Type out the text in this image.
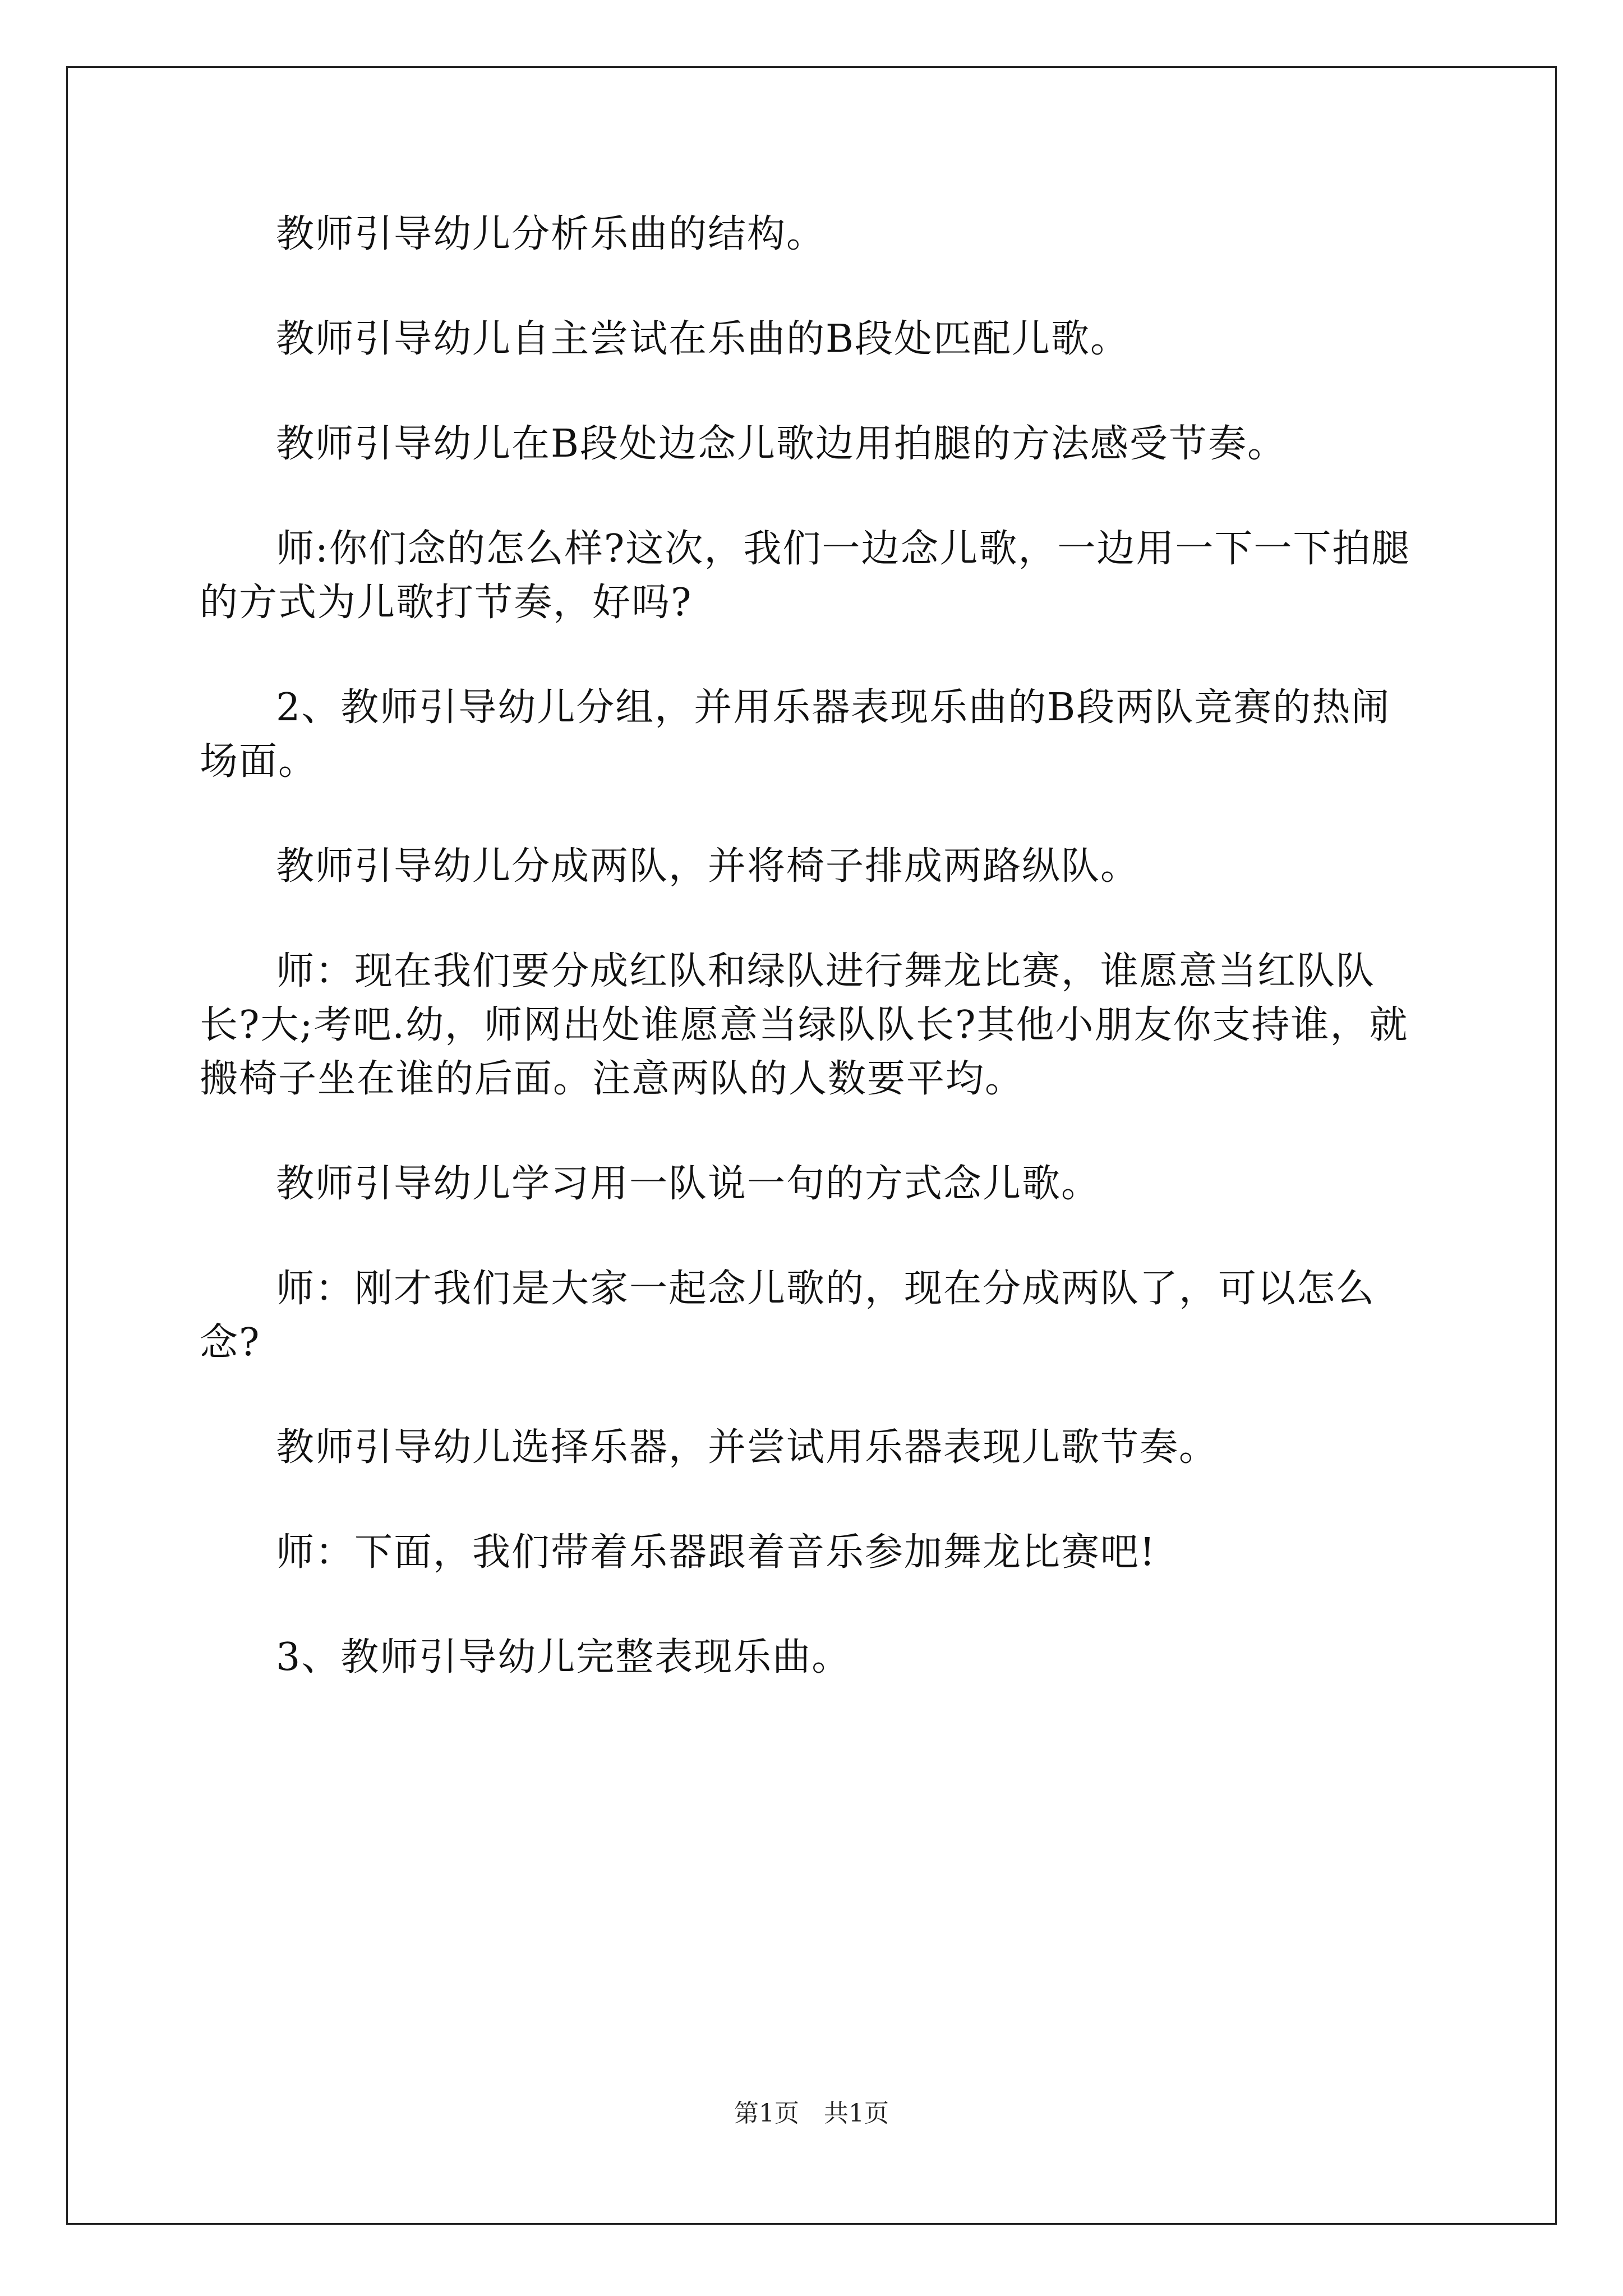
教师引导幼儿分析乐曲的结构。

教师引导幼儿自主尝试在乐曲的B段处匹配儿歌。

教师引导幼儿在B段处边念儿歌边用拍腿的方法感受节奏。

师:你们念的怎么样?这次，我们一边念儿歌，一边用一下一下拍腿的方式为儿歌打节奏，好吗?

2、教师引导幼儿分组，并用乐器表现乐曲的B段两队竞赛的热闹场面。

教师引导幼儿分成两队，并将椅子排成两路纵队。

师：现在我们要分成红队和绿队进行舞龙比赛，谁愿意当红队队长?大;考吧.幼，师网出处谁愿意当绿队队长?其他小朋友你支持谁，就搬椅子坐在谁的后面。注意两队的人数要平均。

教师引导幼儿学习用一队说一句的方式念儿歌。

师：刚才我们是大家一起念儿歌的，现在分成两队了，可以怎么念?

教师引导幼儿选择乐器，并尝试用乐器表现儿歌节奏。

师：下面，我们带着乐器跟着音乐参加舞龙比赛吧!

3、教师引导幼儿完整表现乐曲。

第1页　共1页
